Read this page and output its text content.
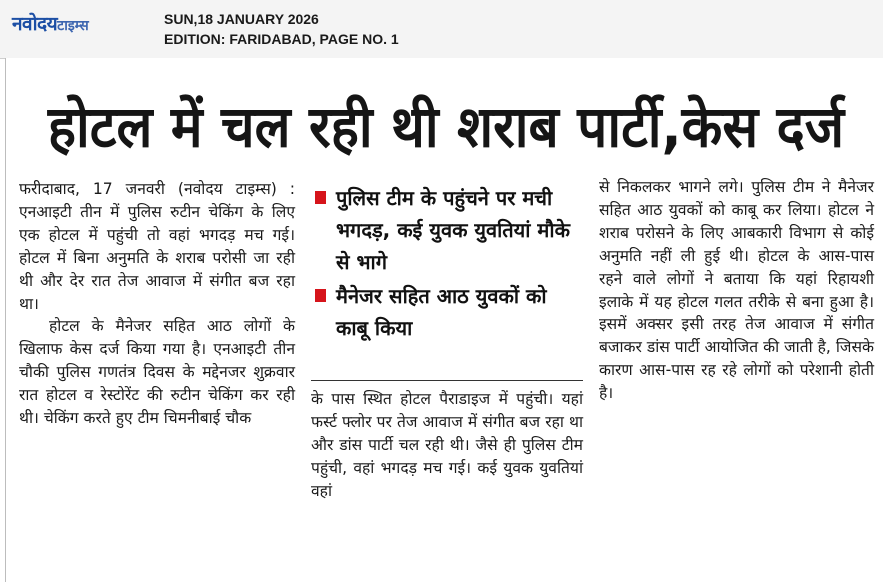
नवोदयटाइम्स	SUN,18 JANUARY 2026
EDITION: FARIDABAD, PAGE NO. 1
होटल में चल रही थी शराब पार्टी,केस दर्ज

फरीदाबाद, 17 जनवरी (नवोदय टाइम्स) : एनआइटी तीन में पुलिस रुटीन चेकिंग के लिए एक होटल में पहुंची तो वहां भगदड़ मच गई। होटल में बिना अनुमति के शराब परोसी जा रही थी और देर रात तेज आवाज में संगीत बज रहा था।

होटल के मैनेजर सहित आठ लोगों के खिलाफ केस दर्ज किया गया है। एनआइटी तीन चौकी पुलिस गणतंत्र दिवस के मद्देनजर शुक्रवार रात होटल व रेस्टोरेंट की रुटीन चेकिंग कर रही थी। चेकिंग करते हुए टीम चिमनीबाई चौक

पुलिस टीम के पहुंचने पर मची भगदड़, कई युवक युवतियां मौके से भागे
मैनेजर सहित आठ युवकों को काबू किया

के पास स्थित होटल पैराडाइज में पहुंची। यहां फर्स्ट फ्लोर पर तेज आवाज में संगीत बज रहा था और डांस पार्टी चल रही थी। जैसे ही पुलिस टीम पहुंची, वहां भगदड़ मच गई। कई युवक युवतियां वहां

से निकलकर भागने लगे। पुलिस टीम ने मैनेजर सहित आठ युवकों को काबू कर लिया। होटल ने शराब परोसने के लिए आबकारी विभाग से कोई अनुमति नहीं ली हुई थी। होटल के आस-पास रहने वाले लोगों ने बताया कि यहां रिहायशी इलाके में यह होटल गलत तरीके से बना हुआ है। इसमें अक्सर इसी तरह तेज आवाज में संगीत बजाकर डांस पार्टी आयोजित की जाती है, जिसके कारण आस-पास रह रहे लोगों को परेशानी होती है।
